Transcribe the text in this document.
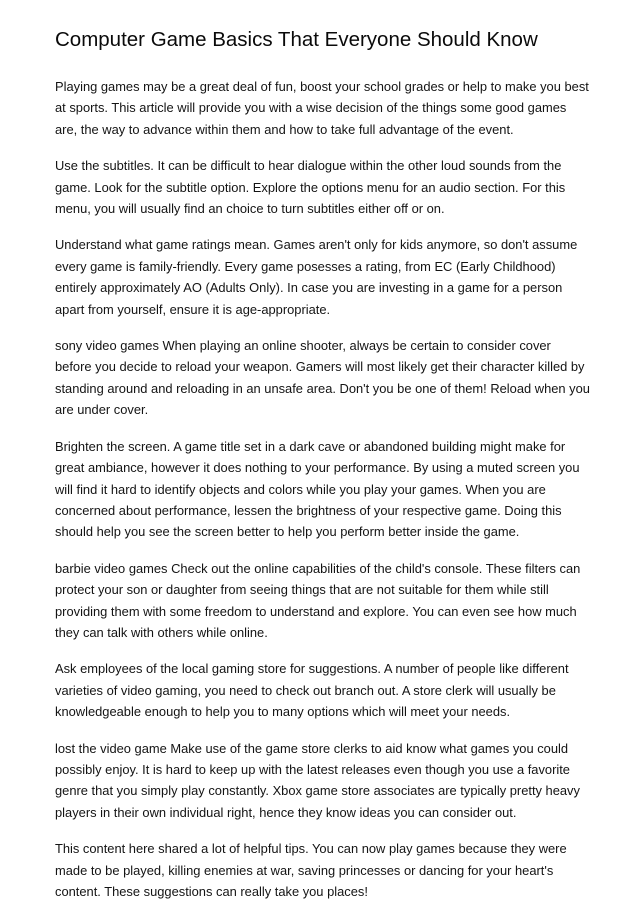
Computer Game Basics That Everyone Should Know

Playing games may be a great deal of fun, boost your school grades or help to make you best at sports. This article will provide you with a wise decision of the things some good games are, the way to advance within them and how to take full advantage of the event.

Use the subtitles. It can be difficult to hear dialogue within the other loud sounds from the game. Look for the subtitle option. Explore the options menu for an audio section. For this menu, you will usually find an choice to turn subtitles either off or on.

Understand what game ratings mean. Games aren't only for kids anymore, so don't assume every game is family-friendly. Every game posesses a rating, from EC (Early Childhood) entirely approximately AO (Adults Only). In case you are investing in a game for a person apart from yourself, ensure it is age-appropriate.

sony video games When playing an online shooter, always be certain to consider cover before you decide to reload your weapon. Gamers will most likely get their character killed by standing around and reloading in an unsafe area. Don't you be one of them! Reload when you are under cover.

Brighten the screen. A game title set in a dark cave or abandoned building might make for great ambiance, however it does nothing to your performance. By using a muted screen you will find it hard to identify objects and colors while you play your games. When you are concerned about performance, lessen the brightness of your respective game. Doing this should help you see the screen better to help you perform better inside the game.

barbie video games Check out the online capabilities of the child's console. These filters can protect your son or daughter from seeing things that are not suitable for them while still providing them with some freedom to understand and explore. You can even see how much they can talk with others while online.

Ask employees of the local gaming store for suggestions. A number of people like different varieties of video gaming, you need to check out branch out. A store clerk will usually be knowledgeable enough to help you to many options which will meet your needs.

lost the video game Make use of the game store clerks to aid know what games you could possibly enjoy. It is hard to keep up with the latest releases even though you use a favorite genre that you simply play constantly. Xbox game store associates are typically pretty heavy players in their own individual right, hence they know ideas you can consider out.

This content here shared a lot of helpful tips. You can now play games because they were made to be played, killing enemies at war, saving princesses or dancing for your heart's content. These suggestions can really take you places!
